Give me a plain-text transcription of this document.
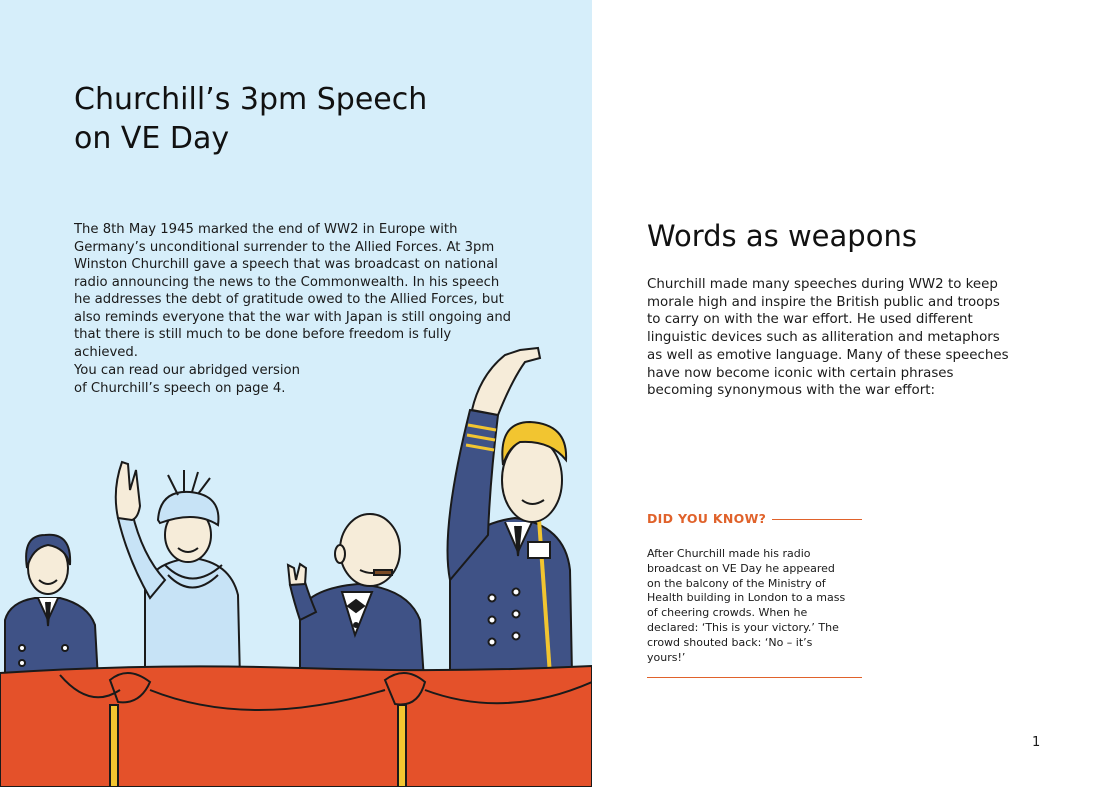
Churchill’s 3pm Speech
on VE Day

The 8th May 1945 marked the end of WW2 in Europe with Germany’s unconditional surrender to the Allied Forces. At 3pm Winston Churchill gave a speech that was broadcast on national radio announcing the news to the Commonwealth. In his speech he addresses the debt of gratitude owed to the Allied Forces, but also reminds everyone that the war with Japan is still ongoing and that there is still much to be done before freedom is fully achieved.

You can read our abridged version
of Churchill’s speech on page 4.

Words as weapons

Churchill made many speeches during WW2 to keep morale high and inspire the British public and troops to carry on with the war effort. He used different linguistic devices such as alliteration and metaphors as well as emotive language. Many of these speeches have now become iconic with certain phrases becoming synonymous with the war effort:

DID YOU KNOW?

After Churchill made his radio broadcast on VE Day he appeared on the balcony of the Ministry of Health building in London to a mass of cheering crowds. When he declared: ‘This is your victory.’ The crowd shouted back: ‘No – it’s yours!’

1
